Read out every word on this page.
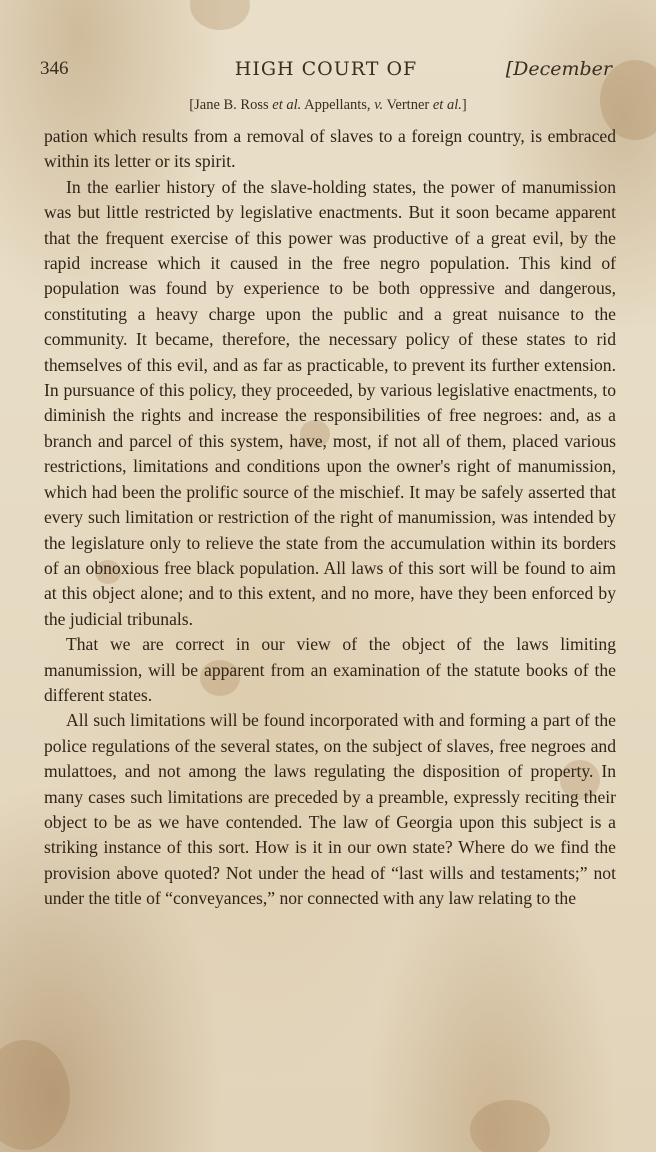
346	HIGH COURT OF	[December
[Jane B. Ross et al. Appellants, v. Vertner et al.]

pation which results from a removal of slaves to a foreign country, is embraced within its letter or its spirit.

In the earlier history of the slave-holding states, the power of manumission was but little restricted by legislative enactments. But it soon became apparent that the frequent exercise of this power was productive of a great evil, by the rapid increase which it caused in the free negro population. This kind of population was found by experience to be both oppressive and dangerous, constituting a heavy charge upon the public and a great nuisance to the community. It became, therefore, the necessary policy of these states to rid themselves of this evil, and as far as practicable, to prevent its further extension. In pursuance of this policy, they proceeded, by various legislative enactments, to diminish the rights and increase the responsibilities of free negroes: and, as a branch and parcel of this system, have, most, if not all of them, placed various restrictions, limitations and conditions upon the owner's right of manumission, which had been the prolific source of the mischief. It may be safely asserted that every such limitation or restriction of the right of manumission, was intended by the legislature only to relieve the state from the accumulation within its borders of an obnoxious free black population. All laws of this sort will be found to aim at this object alone; and to this extent, and no more, have they been enforced by the judicial tribunals.

That we are correct in our view of the object of the laws limiting manumission, will be apparent from an examination of the statute books of the different states.

All such limitations will be found incorporated with and forming a part of the police regulations of the several states, on the subject of slaves, free negroes and mulattoes, and not among the laws regulating the disposition of property. In many cases such limitations are preceded by a preamble, expressly reciting their object to be as we have contended. The law of Georgia upon this subject is a striking instance of this sort. How is it in our own state? Where do we find the provision above quoted? Not under the head of “last wills and testaments;” not under the title of “conveyances,” nor connected with any law relating to the
